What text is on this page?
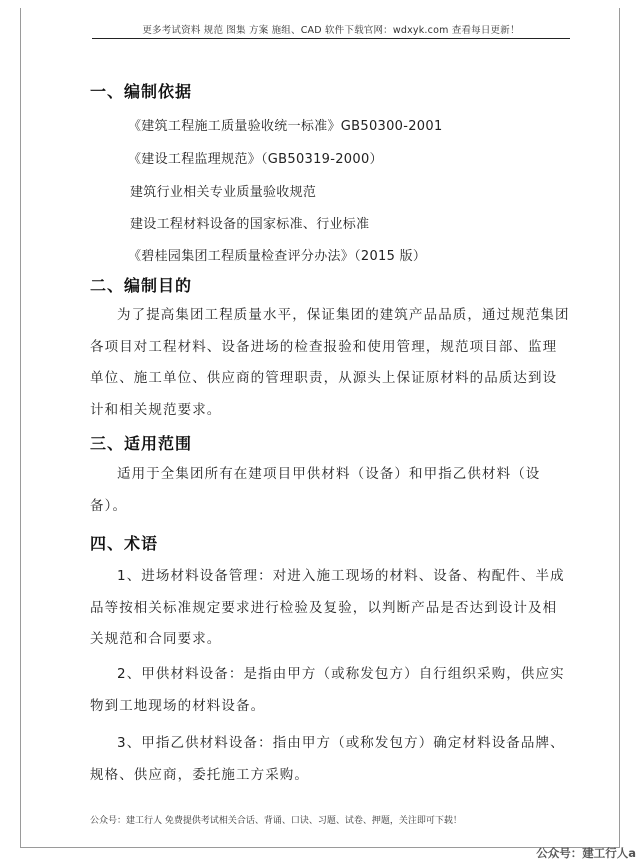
更多考试资料 规范 图集 方案 施组、CAD 软件下载官网：wdxyk.com 查看每日更新！
一、编制依据
《建筑工程施工质量验收统一标准》GB50300-2001
《建设工程监理规范》（GB50319-2000）
建筑行业相关专业质量验收规范
建设工程材料设备的国家标准、行业标准
《碧桂园集团工程质量检查评分办法》（2015 版）
二、编制目的
为了提高集团工程质量水平，保证集团的建筑产品品质，通过规范集团各项目对工程材料、设备进场的检查报验和使用管理，规范项目部、监理单位、施工单位、供应商的管理职责，从源头上保证原材料的品质达到设计和相关规范要求。
三、适用范围
适用于全集团所有在建项目甲供材料（设备）和甲指乙供材料（设备）。
四、术语
1、进场材料设备管理：对进入施工现场的材料、设备、构配件、半成品等按相关标准规定要求进行检验及复验，以判断产品是否达到设计及相关规范和合同要求。
2、甲供材料设备：是指由甲方（或称发包方）自行组织采购，供应实物到工地现场的材料设备。
3、甲指乙供材料设备：指由甲方（或称发包方）确定材料设备品牌、规格、供应商，委托施工方采购。
公众号：建工行人 免费提供考试相关合话、背诵、口诀、习题、试卷、押题，关注即可下载！
公众号：建工行人a
